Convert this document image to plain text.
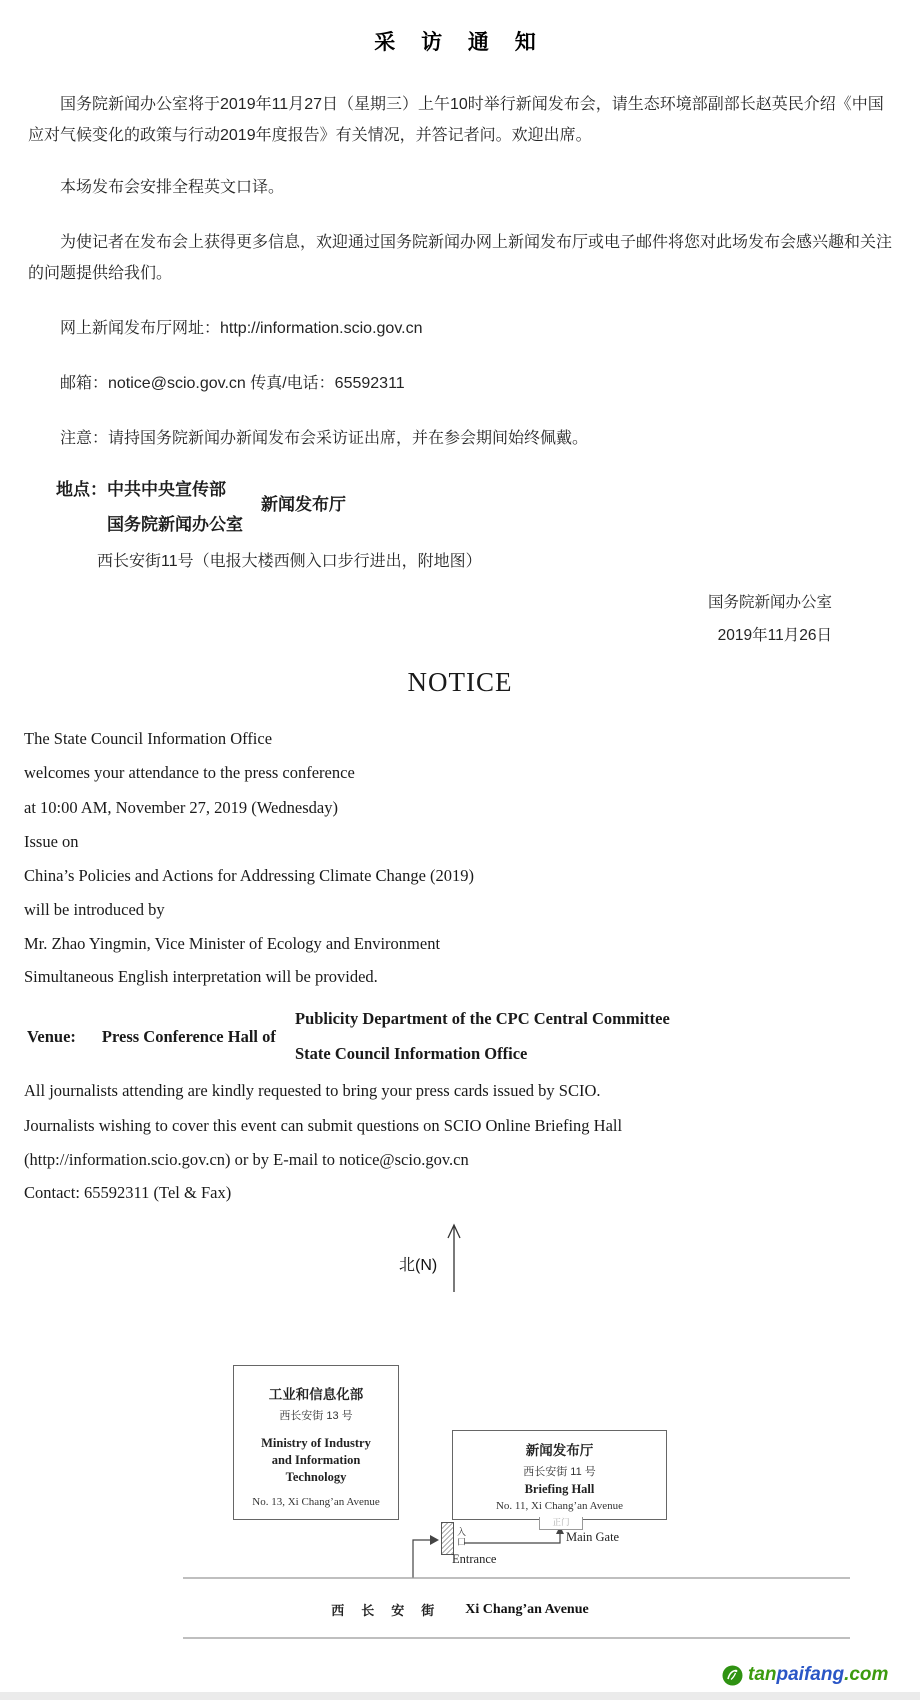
采 访 通 知
国务院新闻办公室将于2019年11月27日（星期三）上午10时举行新闻发布会，请生态环境部副部长赵英民介绍《中国应对气候变化的政策与行动2019年度报告》有关情况，并答记者问。欢迎出席。
本场发布会安排全程英文口译。
为使记者在发布会上获得更多信息，欢迎通过国务院新闻办网上新闻发布厅或电子邮件将您对此场发布会感兴趣和关注的问题提供给我们。
网上新闻发布厅网址：http://information.scio.gov.cn
邮箱：notice@scio.gov.cn 传真/电话：65592311
注意：请持国务院新闻办新闻发布会采访证出席，并在参会期间始终佩戴。
地点：中共中央宣传部
新闻发布厅
国务院新闻办公室
西长安街11号（电报大楼西侧入口步行进出，附地图）
国务院新闻办公室
2019年11月26日
NOTICE
The State Council Information Office
welcomes your attendance to the press conference
at 10:00 AM, November 27, 2019 (Wednesday)
Issue on
China’s Policies and Actions for Addressing Climate Change (2019)
will be introduced by
Mr. Zhao Yingmin, Vice Minister of Ecology and Environment
Simultaneous English interpretation will be provided.
Publicity Department of the CPC Central Committee
Venue: Press Conference Hall of
State Council Information Office
All journalists attending are kindly requested to bring your press cards issued by SCIO.
Journalists wishing to cover this event can submit questions on SCIO Online Briefing Hall
(http://information.scio.gov.cn) or by E-mail to notice@scio.gov.cn
Contact: 65592311 (Tel & Fax)
北(N)
工业和信息化部
西长安街 13 号
Ministry of Industry
and Information
Technology
No. 13, Xi Chang’an Avenue
新闻发布厅
西长安街 11 号
Briefing Hall
No. 11, Xi Chang’an Avenue
正门
Main Gate
入口
Entrance
西长安街 Xi Chang’an Avenue
tanpaifang.com
